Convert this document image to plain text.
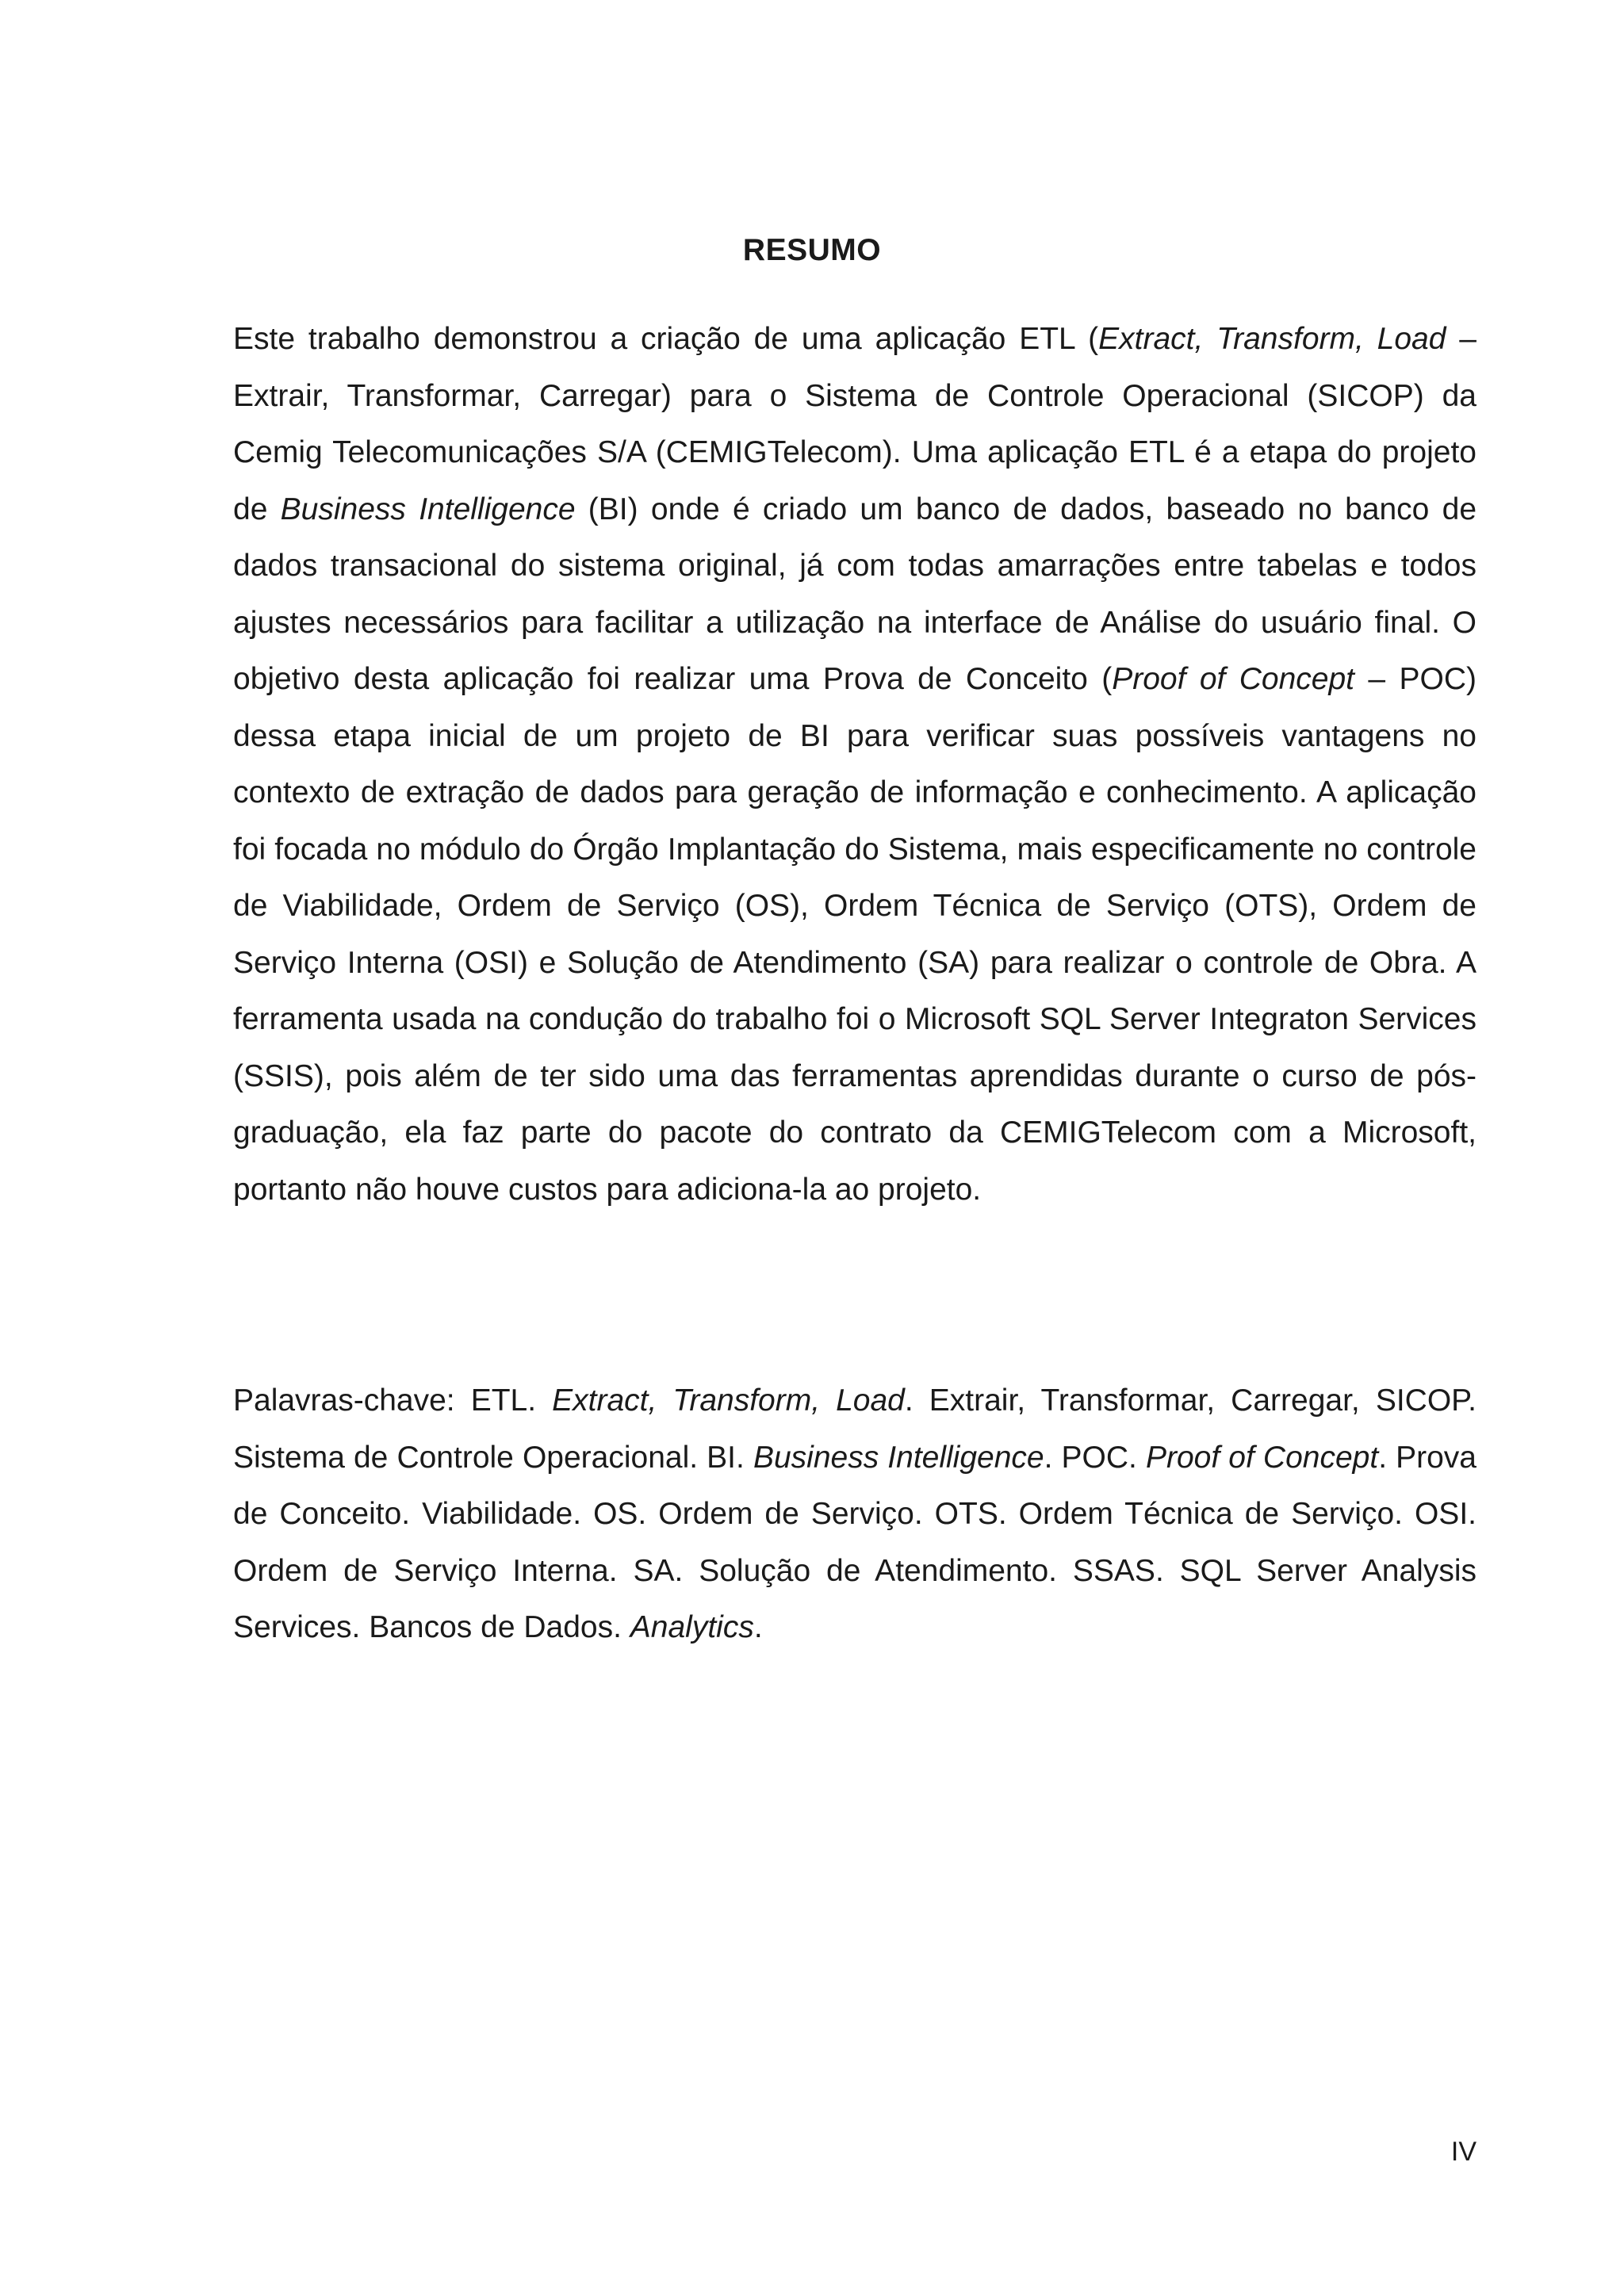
RESUMO

Este trabalho demonstrou a criação de uma aplicação ETL (Extract, Transform, Load – Extrair, Transformar, Carregar) para o Sistema de Controle Operacional (SICOP) da Cemig Telecomunicações S/A (CEMIGTelecom). Uma aplicação ETL é a etapa do projeto de Business Intelligence (BI) onde é criado um banco de dados, baseado no banco de dados transacional do sistema original, já com todas amarrações entre tabelas e todos ajustes necessários para facilitar a utilização na interface de Análise do usuário final. O objetivo desta aplicação foi realizar uma Prova de Conceito (Proof of Concept – POC) dessa etapa inicial de um projeto de BI para verificar suas possíveis vantagens no contexto de extração de dados para geração de informação e conhecimento. A aplicação foi focada no módulo do Órgão Implantação do Sistema, mais especificamente no controle de Viabilidade, Ordem de Serviço (OS), Ordem Técnica de Serviço (OTS), Ordem de Serviço Interna (OSI) e Solução de Atendimento (SA) para realizar o controle de Obra. A ferramenta usada na condução do trabalho foi o Microsoft SQL Server Integraton Services (SSIS), pois além de ter sido uma das ferramentas aprendidas durante o curso de pós-graduação, ela faz parte do pacote do contrato da CEMIGTelecom com a Microsoft, portanto não houve custos para adiciona-la ao projeto.

Palavras-chave: ETL. Extract, Transform, Load. Extrair, Transformar, Carregar, SICOP. Sistema de Controle Operacional. BI. Business Intelligence. POC. Proof of Concept. Prova de Conceito. Viabilidade. OS. Ordem de Serviço. OTS. Ordem Técnica de Serviço. OSI. Ordem de Serviço Interna. SA. Solução de Atendimento. SSAS. SQL Server Analysis Services. Bancos de Dados. Analytics.

IV
